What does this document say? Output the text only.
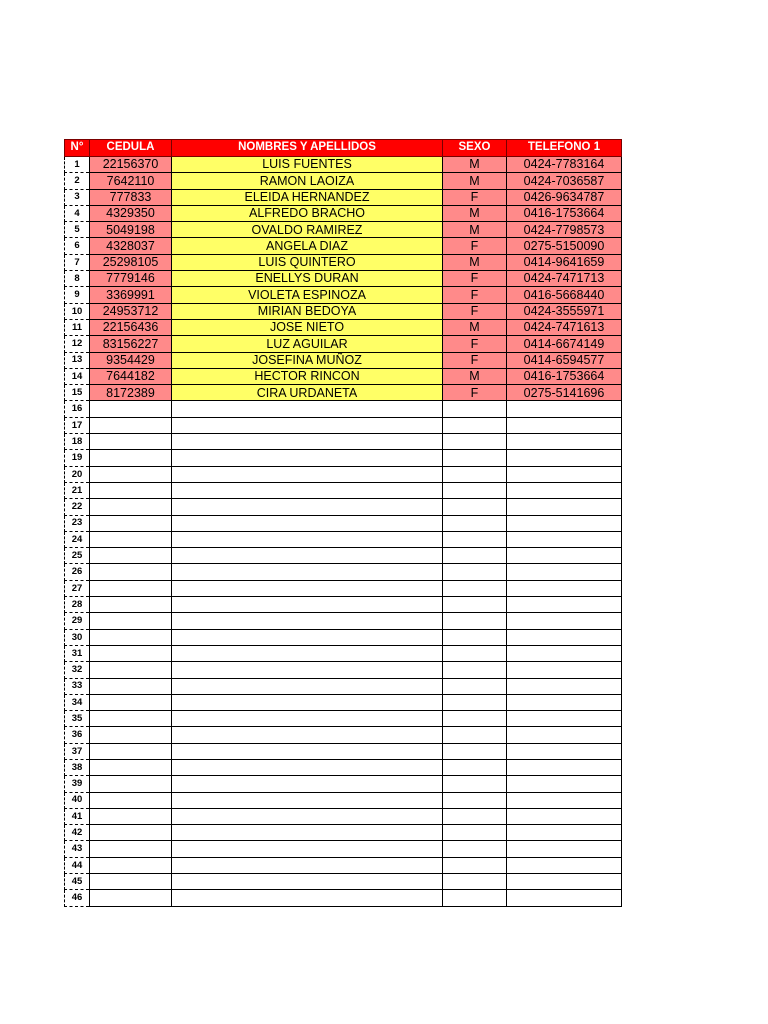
N°	CEDULA	NOMBRES Y APELLIDOS	SEXO	TELEFONO 1
1	22156370	LUIS FUENTES	M	0424-7783164
2	7642110	RAMON LAOIZA	M	0424-7036587
3	777833	ELEIDA HERNANDEZ	F	0426-9634787
4	4329350	ALFREDO BRACHO	M	0416-1753664
5	5049198	OVALDO RAMIREZ	M	0424-7798573
6	4328037	ANGELA DIAZ	F	0275-5150090
7	25298105	LUIS QUINTERO	M	0414-9641659
8	7779146	ENELLYS DURAN	F	0424-7471713
9	3369991	VIOLETA ESPINOZA	F	0416-5668440
10	24953712	MIRIAN BEDOYA	F	0424-3555971
11	22156436	JOSE NIETO	M	0424-7471613
12	83156227	LUZ AGUILAR	F	0414-6674149
13	9354429	JOSEFINA MUÑOZ	F	0414-6594577
14	7644182	HECTOR RINCON	M	0416-1753664
15	8172389	CIRA URDANETA	F	0275-5141696
16				
17				
18				
19				
20				
21				
22				
23				
24				
25				
26				
27				
28				
29				
30				
31				
32				
33				
34				
35				
36				
37				
38				
39				
40				
41				
42				
43				
44				
45				
46				
